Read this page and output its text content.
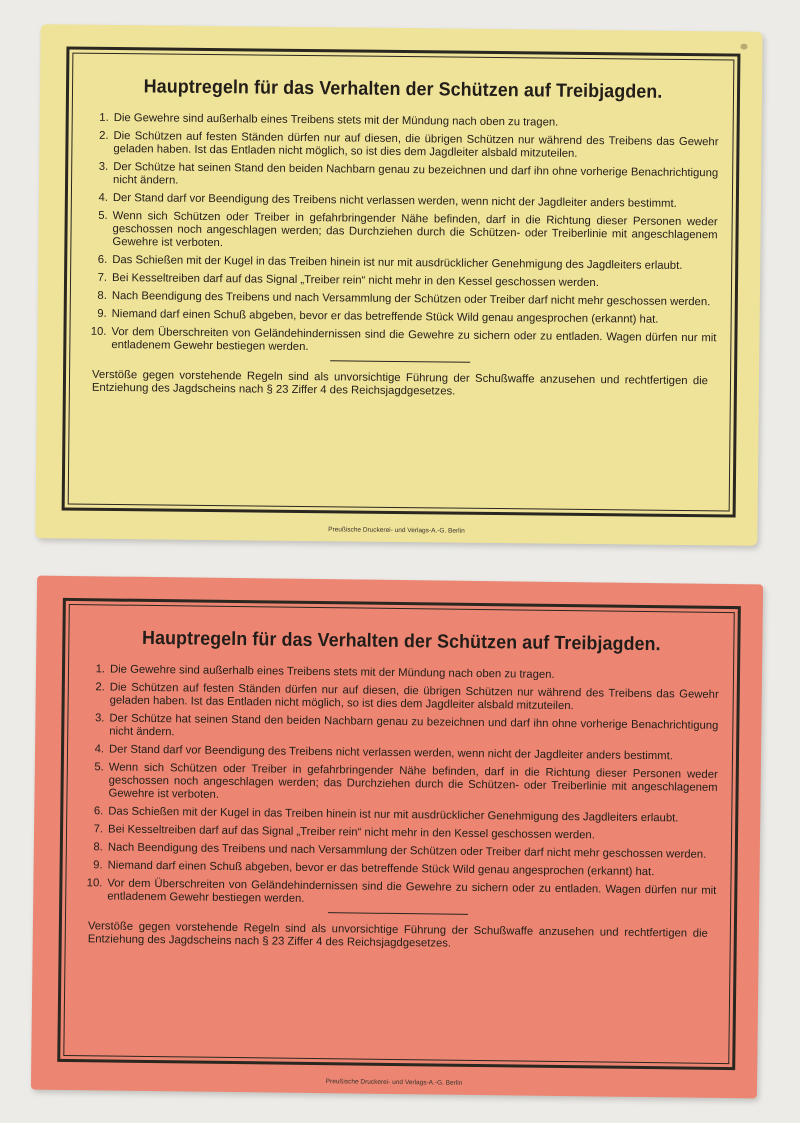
Hauptregeln für das Verhalten der Schützen auf Treibjagden.
1. Die Gewehre sind außerhalb eines Treibens stets mit der Mündung nach oben zu tragen.
2. Die Schützen auf festen Ständen dürfen nur auf diesen, die übrigen Schützen nur während des Treibens das Gewehr geladen haben. Ist das Entladen nicht möglich, so ist dies dem Jagdleiter alsbald mitzuteilen.
3. Der Schütze hat seinen Stand den beiden Nachbarn genau zu bezeichnen und darf ihn ohne vorherige Benachrichtigung nicht ändern.
4. Der Stand darf vor Beendigung des Treibens nicht verlassen werden, wenn nicht der Jagdleiter anders bestimmt.
5. Wenn sich Schützen oder Treiber in gefahrbringender Nähe befinden, darf in die Richtung dieser Personen weder geschossen noch angeschlagen werden; das Durchziehen durch die Schützen- oder Treiberlinie mit angeschlagenem Gewehre ist verboten.
6. Das Schießen mit der Kugel in das Treiben hinein ist nur mit ausdrücklicher Genehmigung des Jagdleiters erlaubt.
7. Bei Kesseltreiben darf auf das Signal „Treiber rein“ nicht mehr in den Kessel geschossen werden.
8. Nach Beendigung des Treibens und nach Versammlung der Schützen oder Treiber darf nicht mehr geschossen werden.
9. Niemand darf einen Schuß abgeben, bevor er das betreffende Stück Wild genau angesprochen (erkannt) hat.
10. Vor dem Überschreiten von Geländehindernissen sind die Gewehre zu sichern oder zu entladen. Wagen dürfen nur mit entladenem Gewehr bestiegen werden.
Verstöße gegen vorstehende Regeln sind als unvorsichtige Führung der Schußwaffe anzusehen und rechtfertigen die Entziehung des Jagdscheins nach § 23 Ziffer 4 des Reichsjagdgesetzes.
Preußische Druckerei- und Verlags-A.-G. Berlin
Hauptregeln für das Verhalten der Schützen auf Treibjagden.
1. Die Gewehre sind außerhalb eines Treibens stets mit der Mündung nach oben zu tragen.
2. Die Schützen auf festen Ständen dürfen nur auf diesen, die übrigen Schützen nur während des Treibens das Gewehr geladen haben. Ist das Entladen nicht möglich, so ist dies dem Jagdleiter alsbald mitzuteilen.
3. Der Schütze hat seinen Stand den beiden Nachbarn genau zu bezeichnen und darf ihn ohne vorherige Benachrichtigung nicht ändern.
4. Der Stand darf vor Beendigung des Treibens nicht verlassen werden, wenn nicht der Jagdleiter anders bestimmt.
5. Wenn sich Schützen oder Treiber in gefahrbringender Nähe befinden, darf in die Richtung dieser Personen weder geschossen noch angeschlagen werden; das Durchziehen durch die Schützen- oder Treiberlinie mit angeschlagenem Gewehre ist verboten.
6. Das Schießen mit der Kugel in das Treiben hinein ist nur mit ausdrücklicher Genehmigung des Jagdleiters erlaubt.
7. Bei Kesseltreiben darf auf das Signal „Treiber rein“ nicht mehr in den Kessel geschossen werden.
8. Nach Beendigung des Treibens und nach Versammlung der Schützen oder Treiber darf nicht mehr geschossen werden.
9. Niemand darf einen Schuß abgeben, bevor er das betreffende Stück Wild genau angesprochen (erkannt) hat.
10. Vor dem Überschreiten von Geländehindernissen sind die Gewehre zu sichern oder zu entladen. Wagen dürfen nur mit entladenem Gewehr bestiegen werden.
Verstöße gegen vorstehende Regeln sind als unvorsichtige Führung der Schußwaffe anzusehen und rechtfertigen die Entziehung des Jagdscheins nach § 23 Ziffer 4 des Reichsjagdgesetzes.
Preußische Druckerei- und Verlags-A.-G. Berlin
